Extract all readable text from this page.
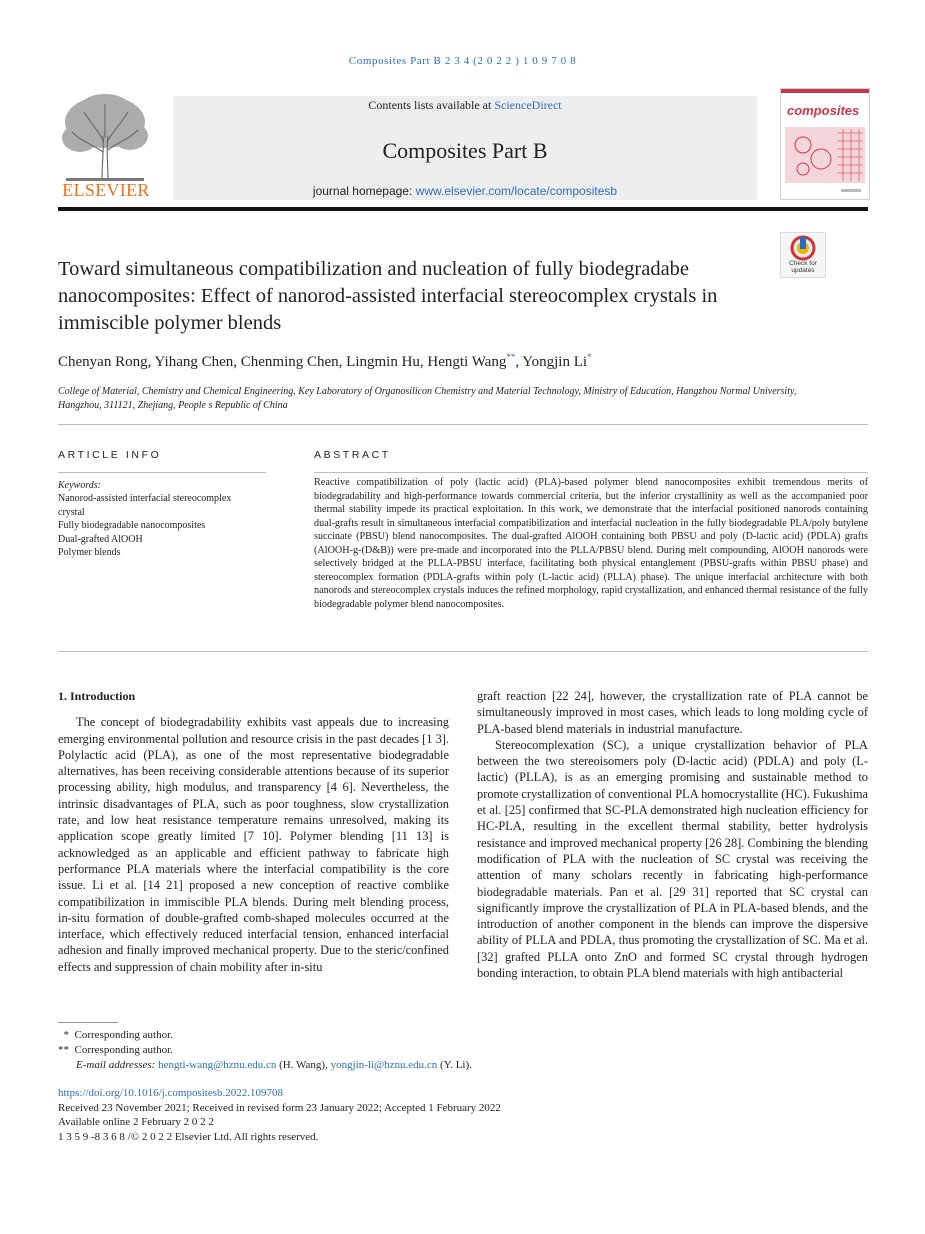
Composites Part B 2 3 4 (2 0 2 2 ) 1 0 9 7 0 8
ELSEVIER
Contents lists available at ScienceDirect
Composites Part B
journal homepage: www.elsevier.com/locate/compositesb
composites
Check for
updates
Toward simultaneous compatibilization and nucleation of fully biodegradabe nanocomposites: Effect of nanorod-assisted interfacial stereocomplex crystals in immiscible polymer blends
Chenyan Rong, Yihang Chen, Chenming Chen, Lingmin Hu, Hengti Wang**, Yongjin Li*
College of Material, Chemistry and Chemical Engineering, Key Laboratory of Organosilicon Chemistry and Material Technology, Ministry of Education, Hangzhou Normal University, Hangzhou, 311121, Zhejiang, People s Republic of China
ARTICLE INFO	ABSTRACT
Keywords:
Nanorod-assisted interfacial stereocomplex
crystal
Fully biodegradable nanocomposites
Dual-grafted AlOOH
Polymer blends

Reactive compatibilization of poly (lactic acid) (PLA)-based polymer blend nanocomposites exhibit tremendous merits of biodegradability and high-performance towards commercial criteria, but the inferior crystallinity as well as the accompanied poor thermal stability impede its practical exploitation. In this work, we demonstrate that the interfacial positioned nanorods containing dual-grafts result in simultaneous interfacial compatibilization and interfacial nucleation in the fully biodegradable PLA/poly butylene succinate (PBSU) blend nanocomposites. The dual-grafted AlOOH containing both PBSU and poly (D-lactic acid) (PDLA) grafts (AlOOH-g-(D&B)) were pre-made and incorporated into the PLLA/PBSU blend. During melt compounding, AlOOH nanorods were selectively bridged at the PLLA-PBSU interface, facilitating both physical entanglement (PBSU-grafts within PBSU phase) and stereocomplex formation (PDLA-grafts within poly (L-lactic acid) (PLLA) phase). The unique interfacial architecture with both nanorods and stereocomplex crystals induces the refined morphology, rapid crystallization, and enhanced thermal resistance of the fully biodegradable polymer blend nanocomposites.

1. Introduction

The concept of biodegradability exhibits vast appeals due to increasing emerging environmental pollution and resource crisis in the past decades [1 3]. Polylactic acid (PLA), as one of the most representative biodegradable alternatives, has been receiving considerable attentions because of its superior processing ability, high modulus, and transparency [4 6]. Nevertheless, the intrinsic disadvantages of PLA, such as poor toughness, slow crystallization rate, and low heat resistance temperature remains unresolved, making its application scope greatly limited [7 10]. Polymer blending [11 13] is acknowledged as an applicable and efficient pathway to fabricate high performance PLA materials where the interfacial compatibility is the core issue. Li et al. [14 21] proposed a new conception of reactive comblike compatibilization in immiscible PLA blends. During melt blending process, in-situ formation of double-grafted comb-shaped molecules occurred at the interface, which effectively reduced interfacial tension, enhanced interfacial adhesion and finally improved mechanical property. Due to the steric/confined effects and suppression of chain mobility after in-situ

graft reaction [22 24], however, the crystallization rate of PLA cannot be simultaneously improved in most cases, which leads to long molding cycle of PLA-based blend materials in industrial manufacture.

Stereocomplexation (SC), a unique crystallization behavior of PLA between the two stereoisomers poly (D-lactic acid) (PDLA) and poly (L-lactic) (PLLA), is as an emerging promising and sustainable method to promote crystallization of conventional PLA homocrystallite (HC). Fukushima et al. [25] confirmed that SC-PLA demonstrated high nucleation efficiency for HC-PLA, resulting in the excellent thermal stability, better hydrolysis resistance and improved mechanical property [26 28]. Combining the blending modification of PLA with the nucleation of SC crystal was receiving the attention of many scholars recently in fabricating high-performance biodegradable materials. Pan et al. [29 31] reported that SC crystal can significantly improve the crystallization of PLA in PLA-based blends, and the introduction of another component in the blends can improve the dispersive ability of PLLA and PDLA, thus promoting the crystallization of SC. Ma et al. [32] grafted PLLA onto ZnO and formed SC crystal through hydrogen bonding interaction, to obtain PLA blend materials with high antibacterial

*  Corresponding author.
**  Corresponding author.
E-mail addresses: hengti-wang@hznu.edu.cn (H. Wang), yongjin-li@hznu.edu.cn (Y. Li).
https://doi.org/10.1016/j.compositesb.2022.109708
Received 23 November 2021; Received in revised form 23 January 2022; Accepted 1 February 2022
Available online 2 February 2 0 2 2
1 3 5 9 -8 3 6 8 /© 2 0 2 2 Elsevier Ltd. All rights reserved.
